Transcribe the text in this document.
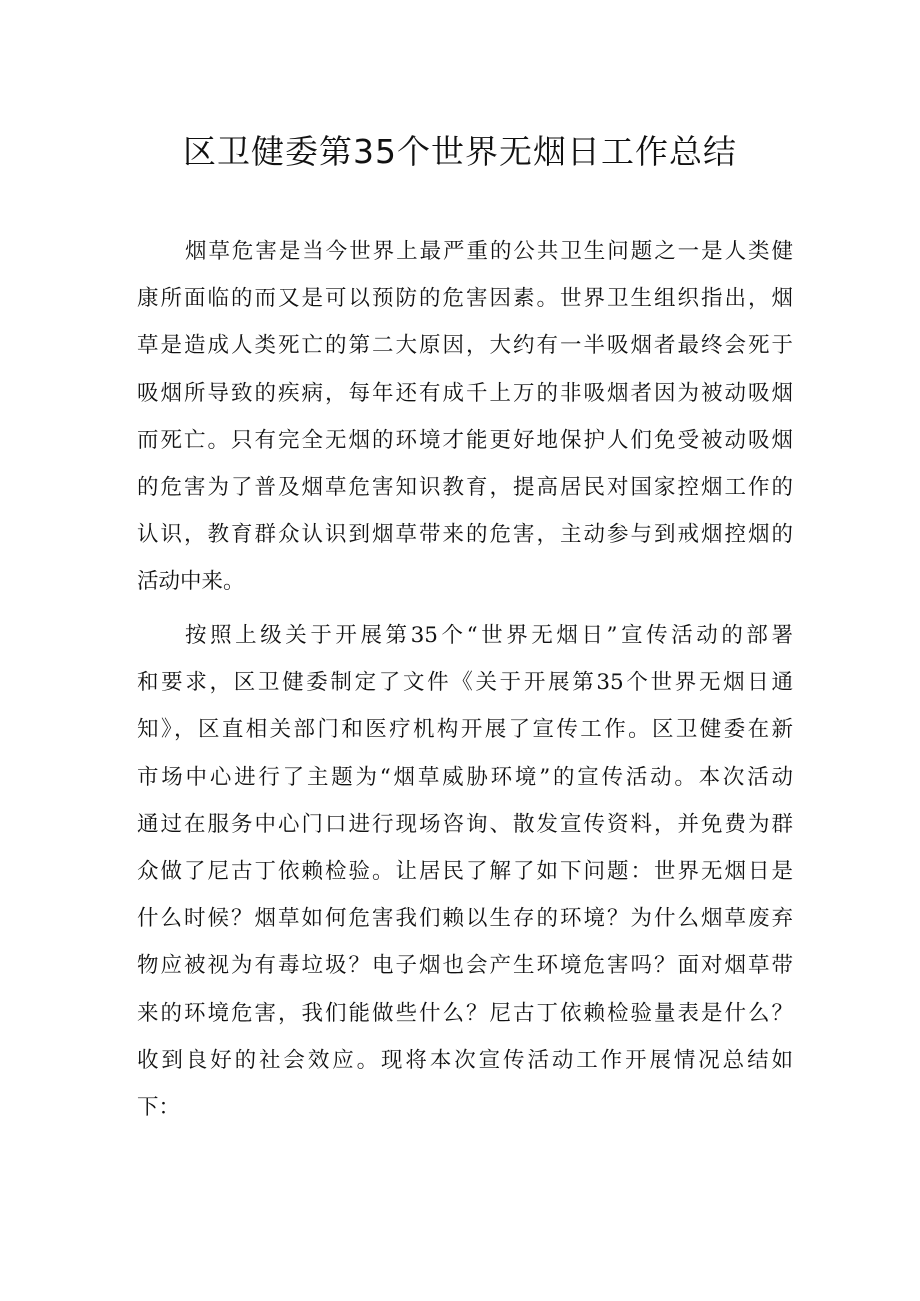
区卫健委第35个世界无烟日工作总结
烟草危害是当今世界上最严重的公共卫生问题之一是人类健
康所面临的而又是可以预防的危害因素。世界卫生组织指出，烟
草是造成人类死亡的第二大原因，大约有一半吸烟者最终会死于
吸烟所导致的疾病，每年还有成千上万的非吸烟者因为被动吸烟
而死亡。只有完全无烟的环境才能更好地保护人们免受被动吸烟
的危害为了普及烟草危害知识教育，提高居民对国家控烟工作的
认识，教育群众认识到烟草带来的危害，主动参与到戒烟控烟的
活动中来。
按照上级关于开展第35个“世界无烟日”宣传活动的部署
和要求，区卫健委制定了文件《关于开展第35个世界无烟日通
知》，区直相关部门和医疗机构开展了宣传工作。区卫健委在新
市场中心进行了主题为“烟草威胁环境”的宣传活动。本次活动
通过在服务中心门口进行现场咨询、散发宣传资料，并免费为群
众做了尼古丁依赖检验。让居民了解了如下问题：世界无烟日是
什么时候？烟草如何危害我们赖以生存的环境？为什么烟草废弃
物应被视为有毒垃圾？电子烟也会产生环境危害吗？面对烟草带
来的环境危害，我们能做些什么？尼古丁依赖检验量表是什么？
收到良好的社会效应。现将本次宣传活动工作开展情况总结如
下：
